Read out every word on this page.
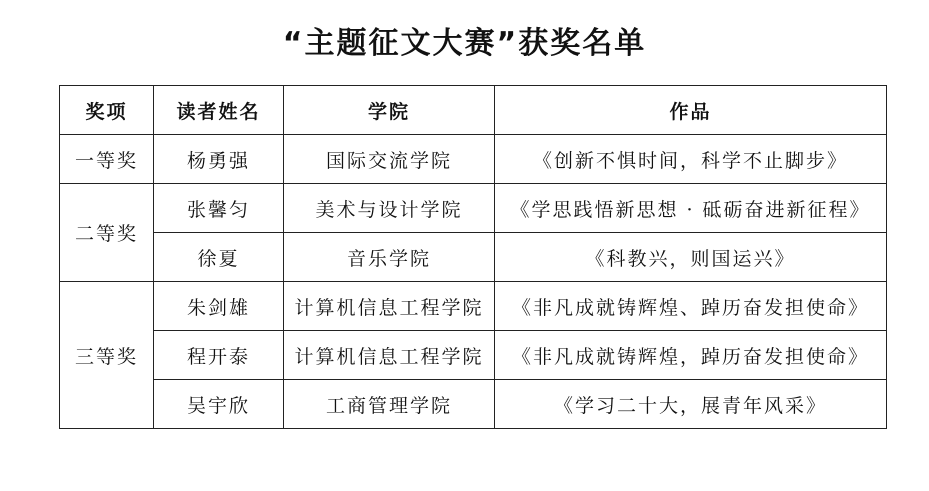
“主题征文大赛”获奖名单
奖项	读者姓名	学院	作品
一等奖	杨勇强	国际交流学院	《创新不惧时间，科学不止脚步》
二等奖	张馨匀	美术与设计学院	《学思践悟新思想 · 砥砺奋进新征程》
	徐夏	音乐学院	《科教兴，则国运兴》
三等奖	朱剑雄	计算机信息工程学院	《非凡成就铸辉煌、踔历奋发担使命》
	程开泰	计算机信息工程学院	《非凡成就铸辉煌，踔历奋发担使命》
	吴宇欣	工商管理学院	《学习二十大，展青年风采》
